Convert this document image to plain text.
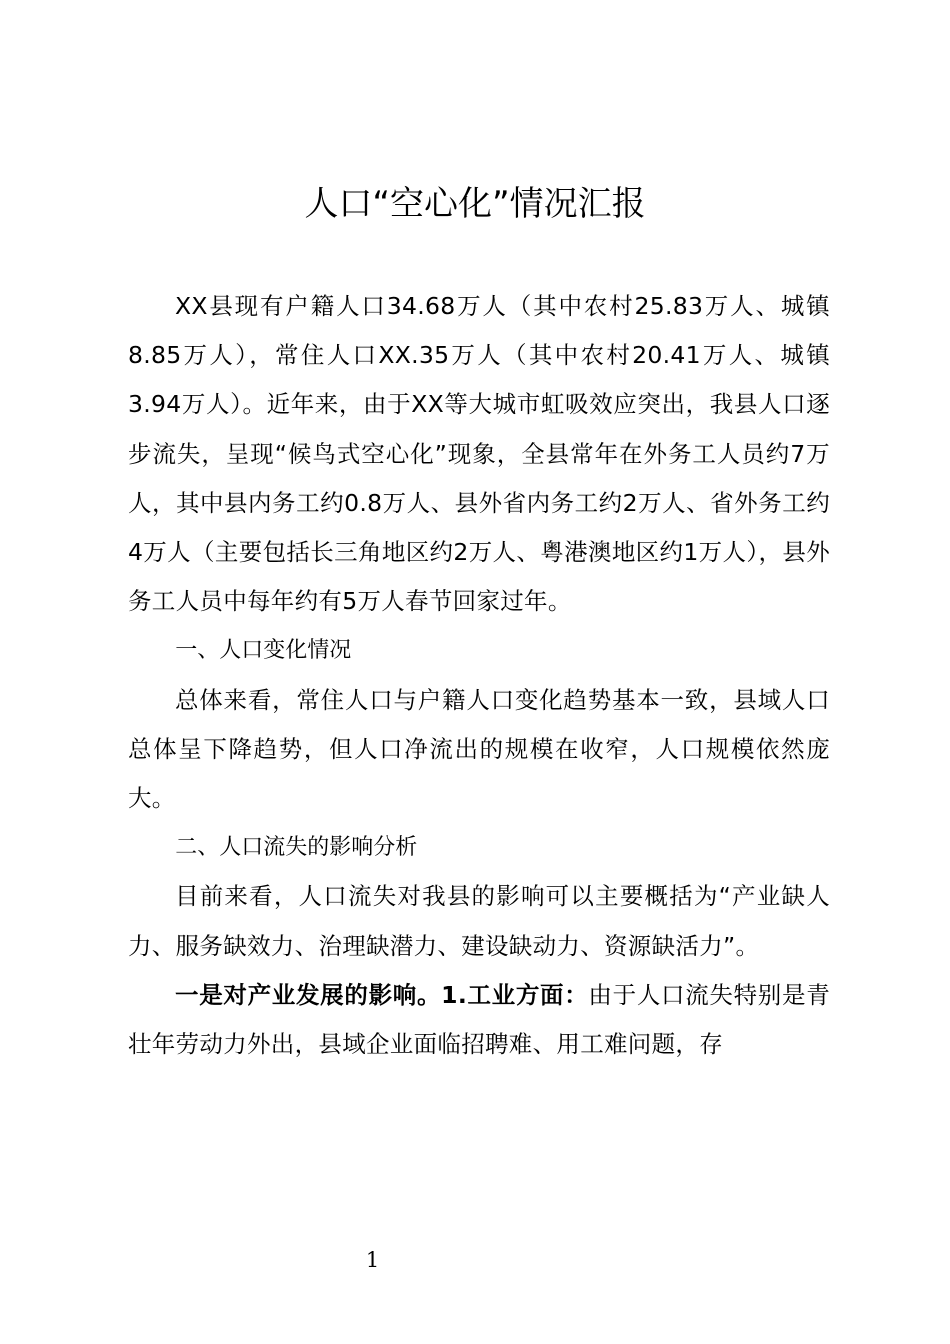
人口“空心化”情况汇报

XX县现有户籍人口34.68万人（其中农村25.83万人、城镇8.85万人），常住人口XX.35万人（其中农村20.41万人、城镇3.94万人）。近年来，由于XX等大城市虹吸效应突出，我县人口逐步流失，呈现“候鸟式空心化”现象，全县常年在外务工人员约7万人，其中县内务工约0.8万人、县外省内务工约2万人、省外务工约4万人（主要包括长三角地区约2万人、粤港澳地区约1万人），县外务工人员中每年约有5万人春节回家过年。

一、人口变化情况

总体来看，常住人口与户籍人口变化趋势基本一致，县域人口总体呈下降趋势，但人口净流出的规模在收窄，人口规模依然庞大。

二、人口流失的影响分析

目前来看，人口流失对我县的影响可以主要概括为“产业缺人力、服务缺效力、治理缺潜力、建设缺动力、资源缺活力”。

一是对产业发展的影响。1.工业方面：由于人口流失特别是青壮年劳动力外出，县域企业面临招聘难、用工难问题，存

1
